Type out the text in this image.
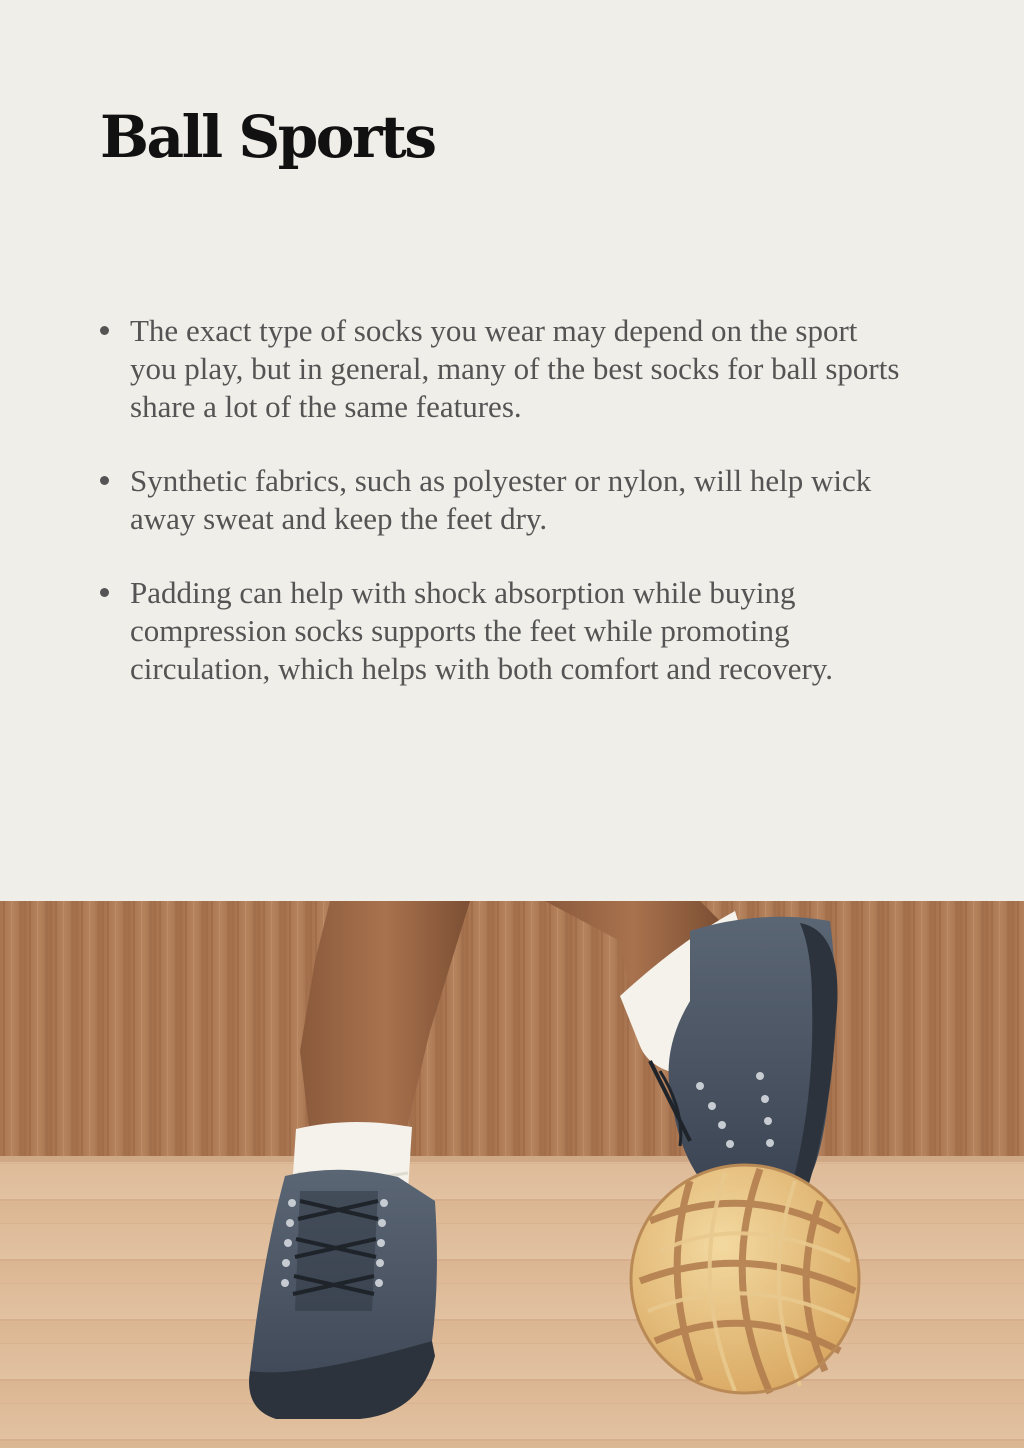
Ball Sports
The exact type of socks you wear may depend on the sport you play, but in general, many of the best socks for ball sports share a lot of the same features.
Synthetic fabrics, such as polyester or nylon, will help wick away sweat and keep the feet dry.
Padding can help with shock absorption while buying compression socks supports the feet while promoting circulation, which helps with both comfort and recovery.
